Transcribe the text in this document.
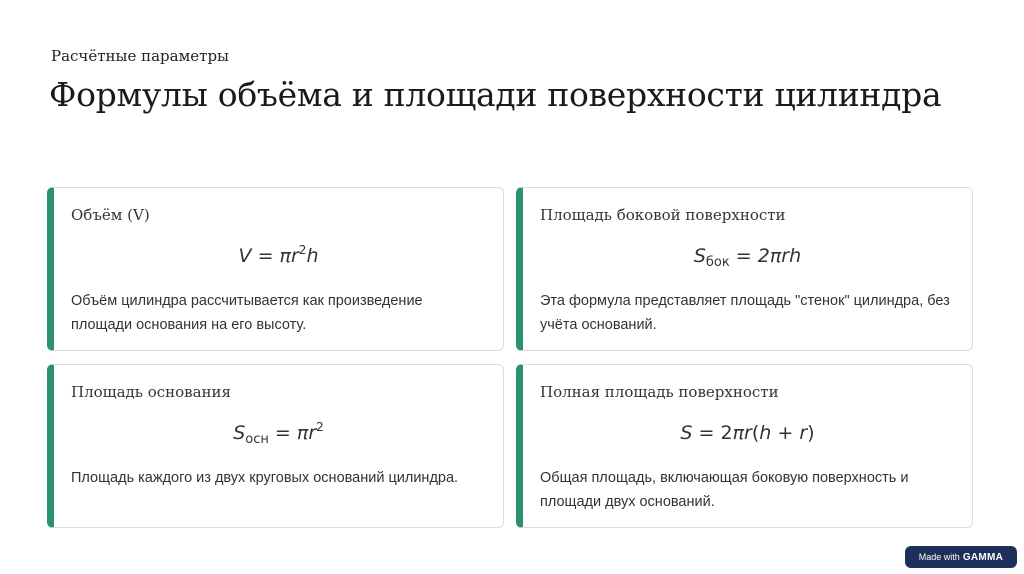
Расчётные параметры
Формулы объёма и площади поверхности цилиндра
Объём (V)
$V = \pi r^2h$
Объём цилиндра рассчитывается как произведение площади основания на его высоту.
Площадь боковой поверхности
$S_{бок} = 2\pi rh$
Эта формула представляет площадь "стенок" цилиндра, без учёта оснований.
Площадь основания
$S_{осн} = \pi r^2$
Площадь каждого из двух круговых оснований цилиндра.
Полная площадь поверхности
S = 2πr(h + r)
Общая площадь, включающая боковую поверхность и площади двух оснований.
Made with GAMMA
